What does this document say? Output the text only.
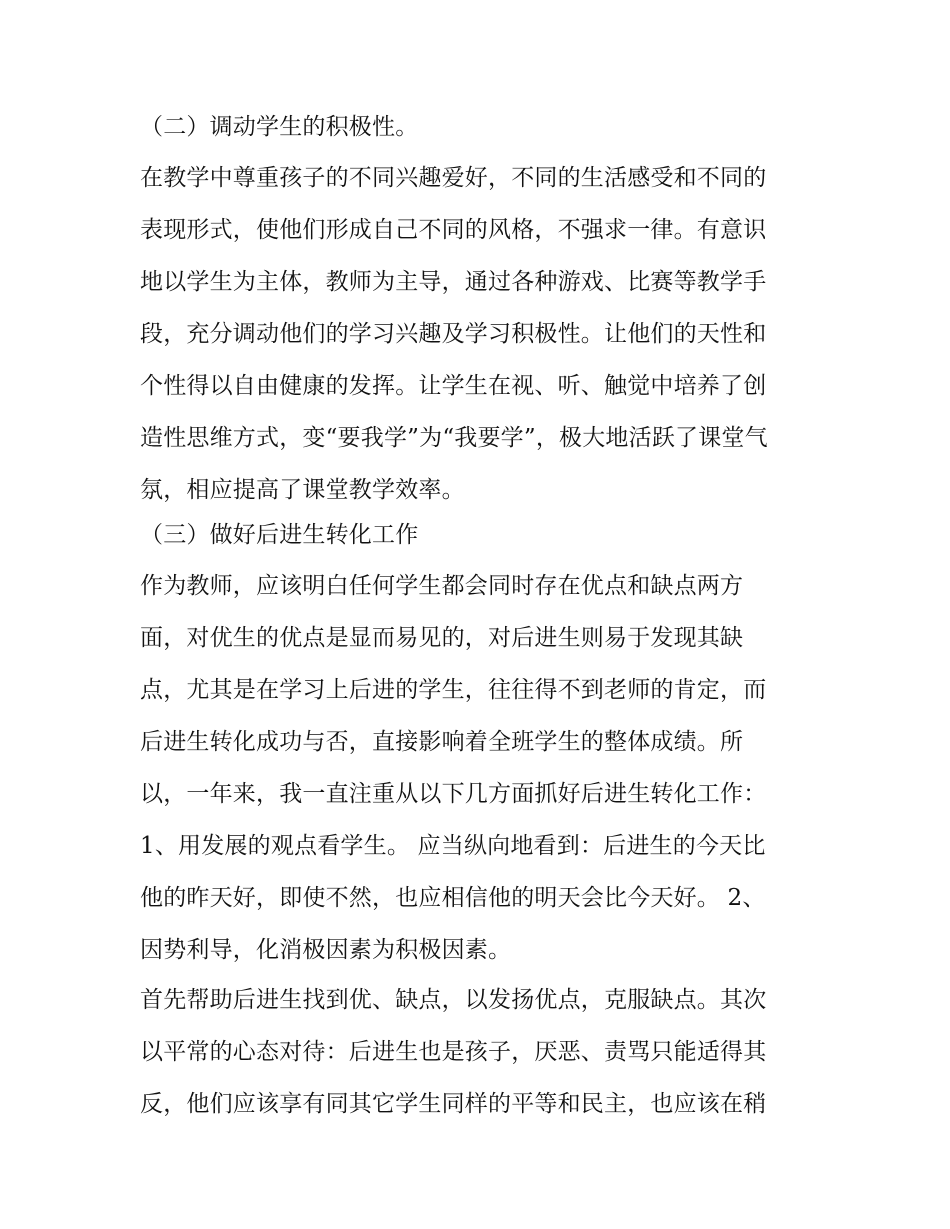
（二）调动学生的积极性。
在教学中尊重孩子的不同兴趣爱好，不同的生活感受和不同的
表现形式，使他们形成自己不同的风格，不强求一律。有意识
地以学生为主体，教师为主导，通过各种游戏、比赛等教学手
段，充分调动他们的学习兴趣及学习积极性。让他们的天性和
个性得以自由健康的发挥。让学生在视、听、触觉中培养了创
造性思维方式，变“要我学”为“我要学”，极大地活跃了课堂气
氛，相应提高了课堂教学效率。
（三）做好后进生转化工作
作为教师，应该明白任何学生都会同时存在优点和缺点两方
面，对优生的优点是显而易见的，对后进生则易于发现其缺
点，尤其是在学习上后进的学生，往往得不到老师的肯定，而
后进生转化成功与否，直接影响着全班学生的整体成绩。所
以，一年来，我一直注重从以下几方面抓好后进生转化工作：
1、用发展的观点看学生。 应当纵向地看到：后进生的今天比
他的昨天好，即使不然，也应相信他的明天会比今天好。 2、
因势利导，化消极因素为积极因素。
首先帮助后进生找到优、缺点，以发扬优点，克服缺点。其次
以平常的心态对待：后进生也是孩子，厌恶、责骂只能适得其
反，他们应该享有同其它学生同样的平等和民主，也应该在稍
